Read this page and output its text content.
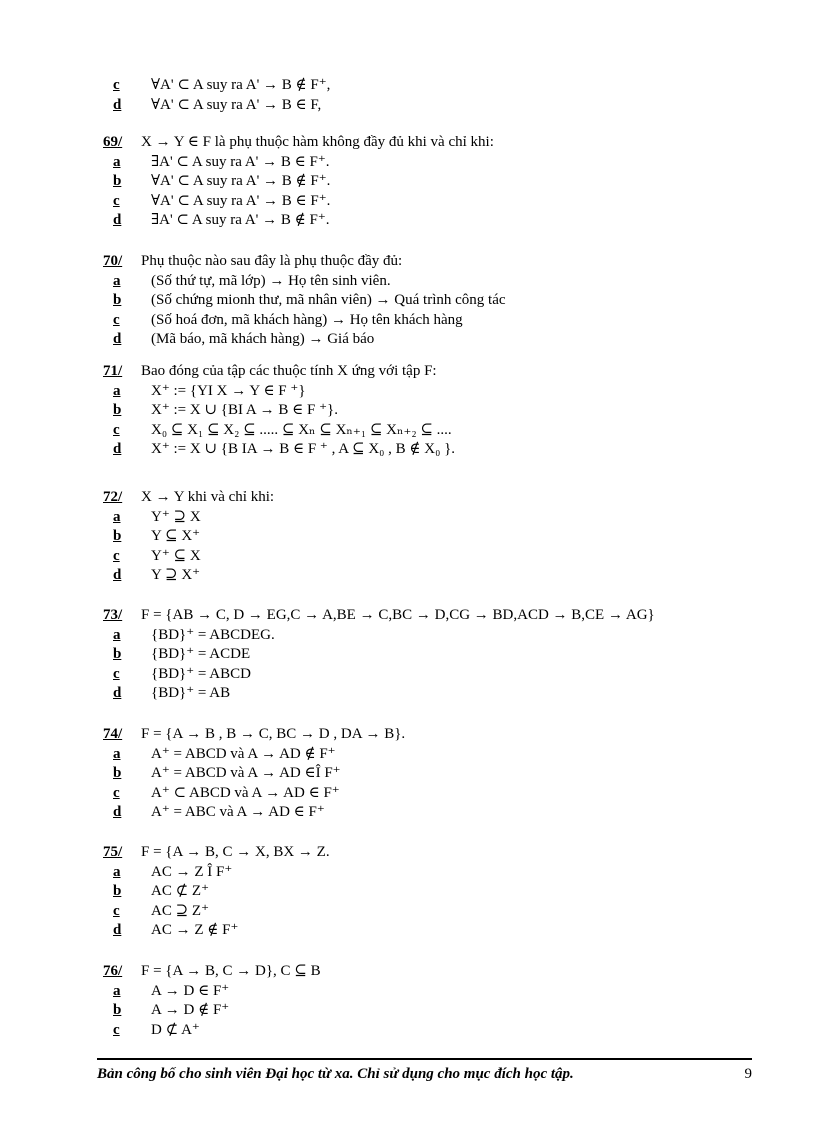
c ∀A' ⊂ A suy ra A' → B ∉ F⁺,
d ∀A' ⊂ A suy ra A' → B ∈ F,
69/ X → Y ∈ F là phụ thuộc hàm không đầy đủ khi và chỉ khi:
a ∃A' ⊂ A suy ra A' → B ∈ F⁺.
b ∀A' ⊂ A suy ra A' → B ∉ F⁺.
c ∀A' ⊂ A suy ra A' → B ∈ F⁺.
d ∃A' ⊂ A suy ra A' → B ∉ F⁺.
70/ Phụ thuộc nào sau đây là phụ thuộc đầy đủ:
a (Số thứ tự, mã lớp) → Họ tên sinh viên.
b (Số chứng mionh thư, mã nhân viên) → Quá trình công tác
c (Số hoá đơn, mã khách hàng) → Họ tên khách hàng
d (Mã báo, mã khách hàng) → Giá báo
71/ Bao đóng của tập các thuộc tính X ứng với tập F:
a X⁺ := {YI X → Y ∈ F ⁺}
b X⁺ := X ∪ {BI A → B ∈ F ⁺}.
c X₀ ⊆ X₁ ⊆ X₂ ⊆ ..... ⊆ Xₙ ⊆ Xₙ₊₁ ⊆ Xₙ₊₂ ⊆ ....
d X⁺ := X ∪ {B IA → B ∈ F ⁺ , A ⊆ X₀ , B ∉ X₀ }.
72/ X → Y khi và chỉ khi:
a Y⁺ ⊇ X
b Y ⊆ X⁺
c Y⁺ ⊆ X
d Y ⊇ X⁺
73/ F = {AB → C, D → EG,C → A,BE → C,BC → D,CG → BD,ACD → B,CE → AG}
a {BD}⁺ = ABCDEG.
b {BD}⁺ = ACDE
c {BD}⁺ = ABCD
d {BD}⁺ = AB
74/ F = {A → B , B → C, BC → D , DA → B}.
a A⁺ = ABCD và A → AD ∉ F⁺
b A⁺ = ABCD và A → AD ∈Î F⁺
c A⁺ ⊂ ABCD và A → AD ∈ F⁺
d A⁺ = ABC và A → AD ∈ F⁺
75/ F = {A → B, C → X, BX → Z.
a AC → Z Î F⁺
b AC ⊄ Z⁺
c AC ⊇ Z⁺
d AC → Z ∉ F⁺
76/ F = {A → B, C → D}, C ⊆ B
a A → D ∈ F⁺
b A → D ∉ F⁺
c D ⊄ A⁺
Bản công bố cho sinh viên Đại học từ xa. Chỉ sử dụng cho mục đích học tập.	9
